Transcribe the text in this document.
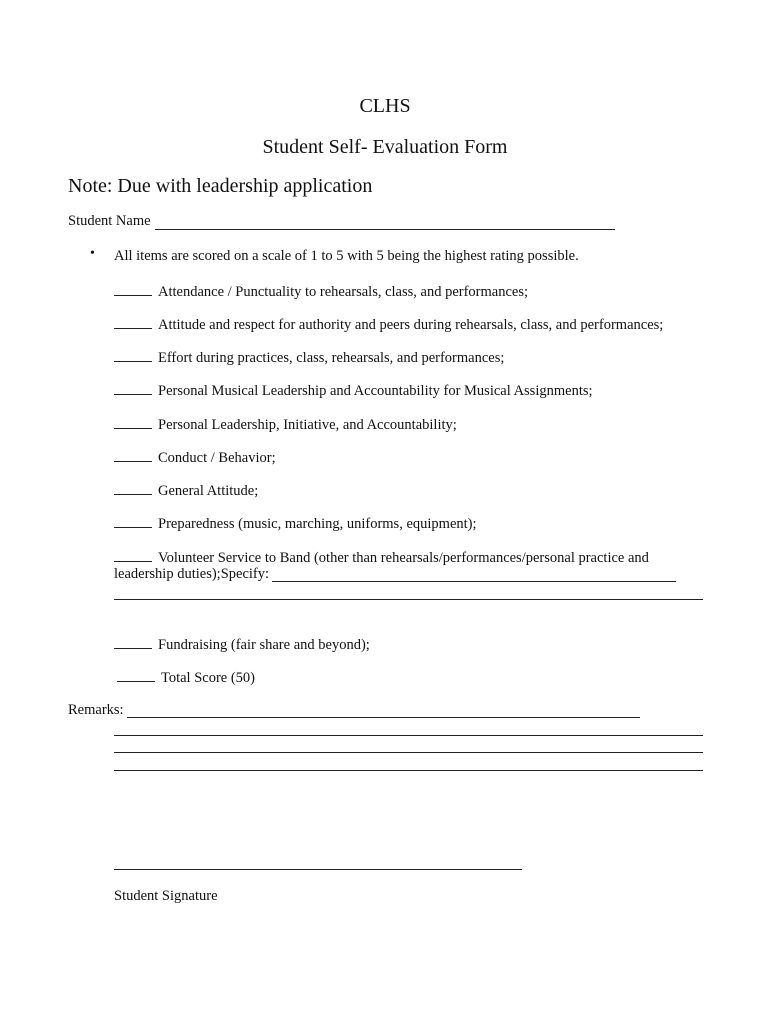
CLHS
Student Self- Evaluation Form
Note: Due with leadership application
Student Name
• All items are scored on a scale of 1 to 5 with 5 being the highest rating possible.
Attendance / Punctuality to rehearsals, class, and performances;
Attitude and respect for authority and peers during rehearsals, class, and performances;
Effort during practices, class, rehearsals, and performances;
Personal Musical Leadership and Accountability for Musical Assignments;
Personal Leadership, Initiative, and Accountability;
Conduct / Behavior;
General Attitude;
Preparedness (music, marching, uniforms, equipment);
Volunteer Service to Band (other than rehearsals/performances/personal practice and
leadership duties);Specify:
Fundraising (fair share and beyond);
Total Score (50)
Remarks:
Student Signature
